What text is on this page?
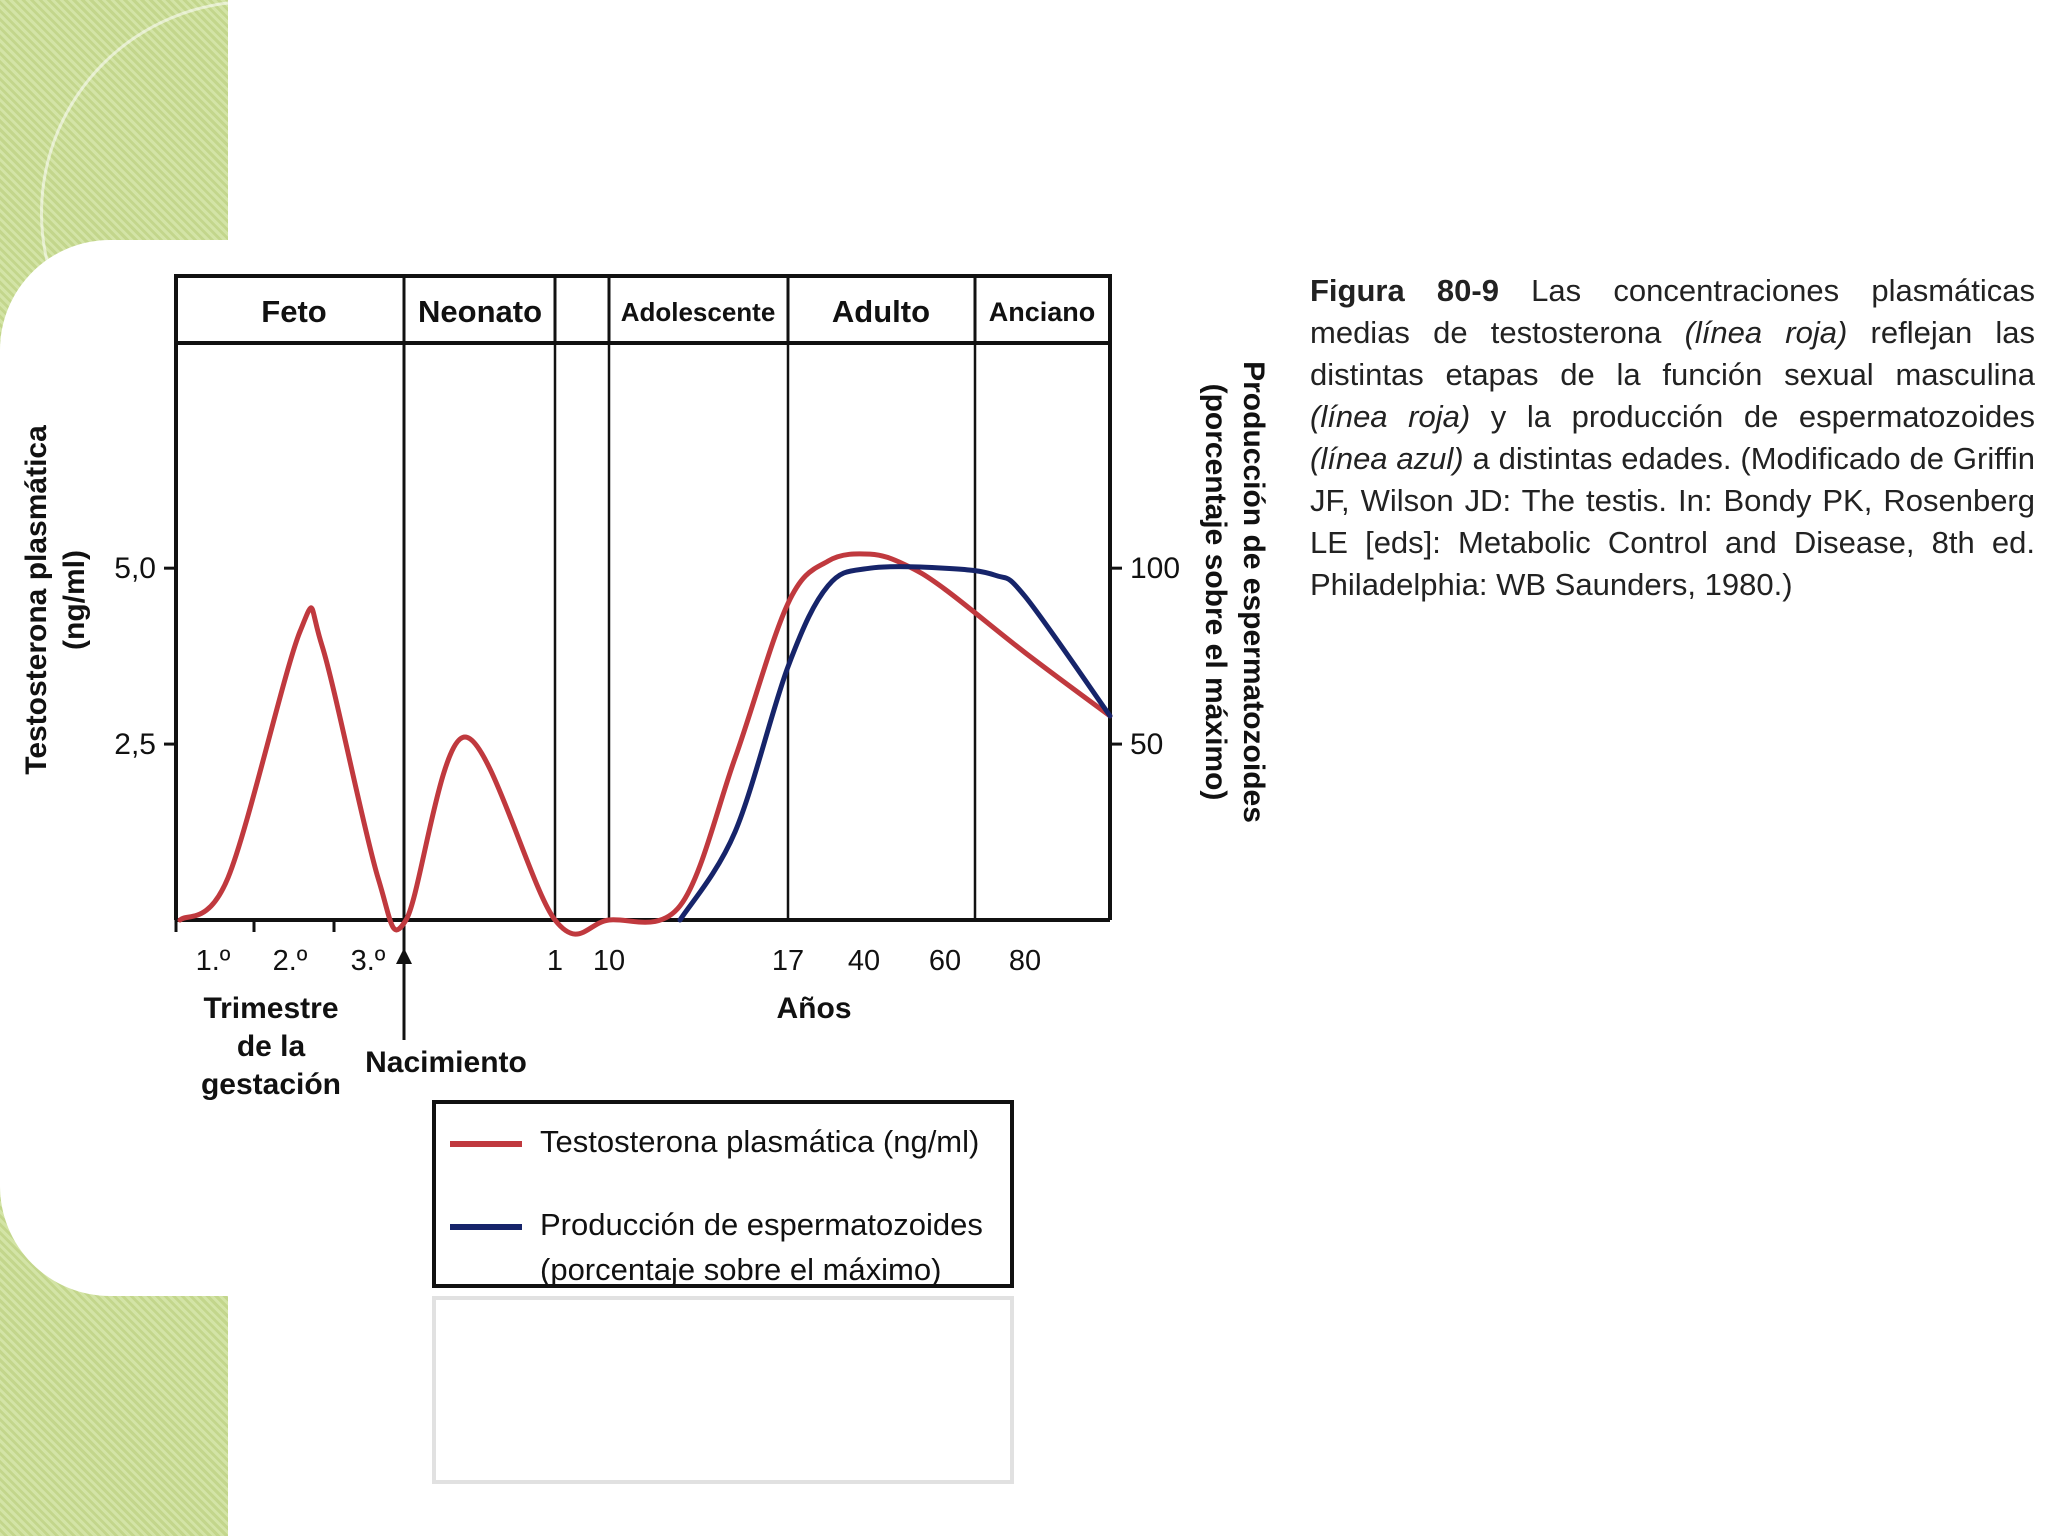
Feto	Neonato	Adolescente Adulto Anciano
1.º 2.º 3.º	1 10	17 40 60 80
Trimestre
de la
gestación
Nacimiento
Años
5,0
2,5
100
50
Testosterona plasmática (ng/ml)	Producción de espermatozoides
(porcentaje sobre el máximo)
Figura 80-9 Las concentraciones plasmáticas medias de testosterona (línea roja) reflejan las distintas etapas de la función sexual masculina (línea roja) y la producción de espermatozoides (línea azul) a distintas edades. (Modificado de Griffin JF, Wilson JD: The testis. In: Bondy PK, Rosenberg LE [eds]: Metabolic Control and Disease, 8th ed. Philadelphia: WB Saunders, 1980.)
Testosterona plasmática (ng/ml)
Producción de espermatozoides
(porcentaje sobre el máximo)
